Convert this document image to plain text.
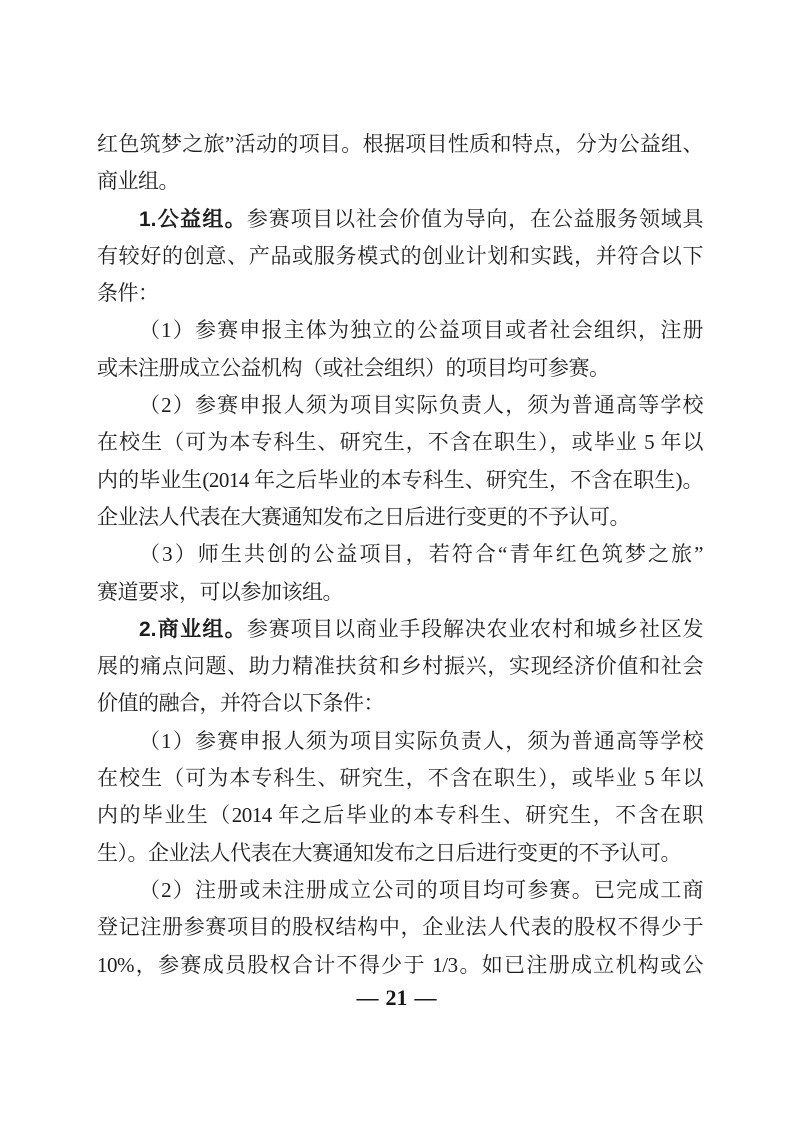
红色筑梦之旅”活动的项目。根据项目性质和特点，分为公益组、
商业组。
1.公益组。参赛项目以社会价值为导向，在公益服务领域具
有较好的创意、产品或服务模式的创业计划和实践，并符合以下
条件：
（1）参赛申报主体为独立的公益项目或者社会组织，注册
或未注册成立公益机构（或社会组织）的项目均可参赛。
（2）参赛申报人须为项目实际负责人，须为普通高等学校
在校生（可为本专科生、研究生，不含在职生），或毕业 5 年以
内的毕业生(2014 年之后毕业的本专科生、研究生，不含在职生)。
企业法人代表在大赛通知发布之日后进行变更的不予认可。
（3）师生共创的公益项目，若符合“青年红色筑梦之旅”
赛道要求，可以参加该组。
2.商业组。参赛项目以商业手段解决农业农村和城乡社区发
展的痛点问题、助力精准扶贫和乡村振兴，实现经济价值和社会
价值的融合，并符合以下条件：
（1）参赛申报人须为项目实际负责人，须为普通高等学校
在校生（可为本专科生、研究生，不含在职生），或毕业 5 年以
内的毕业生（2014 年之后毕业的本专科生、研究生，不含在职
生）。企业法人代表在大赛通知发布之日后进行变更的不予认可。
（2）注册或未注册成立公司的项目均可参赛。已完成工商
登记注册参赛项目的股权结构中，企业法人代表的股权不得少于
10%，参赛成员股权合计不得少于 1/3。如已注册成立机构或公
— 21 —
